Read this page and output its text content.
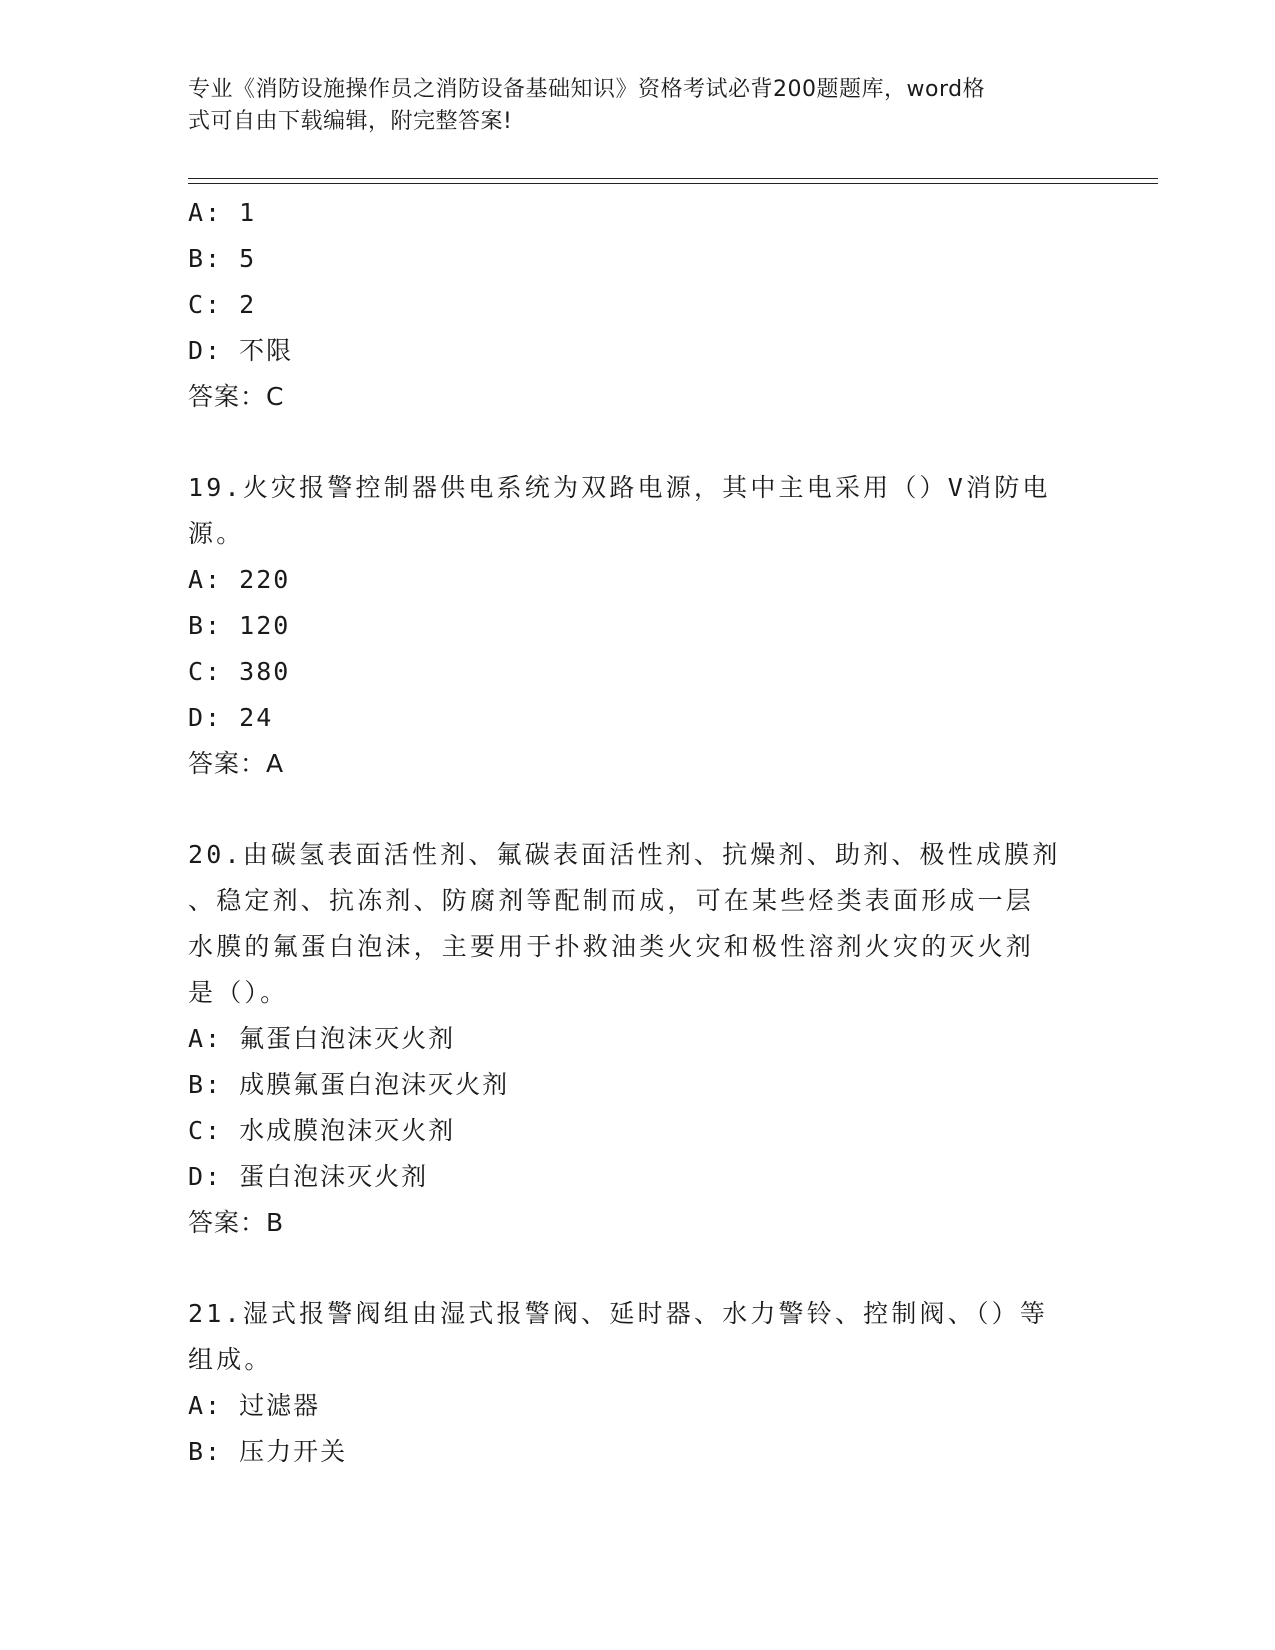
专业《消防设施操作员之消防设备基础知识》资格考试必背200题题库，word格
式可自由下载编辑，附完整答案!
A: 1
B: 5
C: 2
D: 不限
答案：C
19.火灾报警控制器供电系统为双路电源，其中主电采用（）V消防电
源。
A: 220
B: 120
C: 380
D: 24
答案：A
20.由碳氢表面活性剂、氟碳表面活性剂、抗燥剂、助剂、极性成膜剂
、稳定剂、抗冻剂、防腐剂等配制而成，可在某些烃类表面形成一层
水膜的氟蛋白泡沫，主要用于扑救油类火灾和极性溶剂火灾的灭火剂
是（）。
A: 氟蛋白泡沫灭火剂
B: 成膜氟蛋白泡沫灭火剂
C: 水成膜泡沫灭火剂
D: 蛋白泡沫灭火剂
答案：B
21.湿式报警阀组由湿式报警阀、延时器、水力警铃、控制阀、（）等
组成。
A: 过滤器
B: 压力开关
